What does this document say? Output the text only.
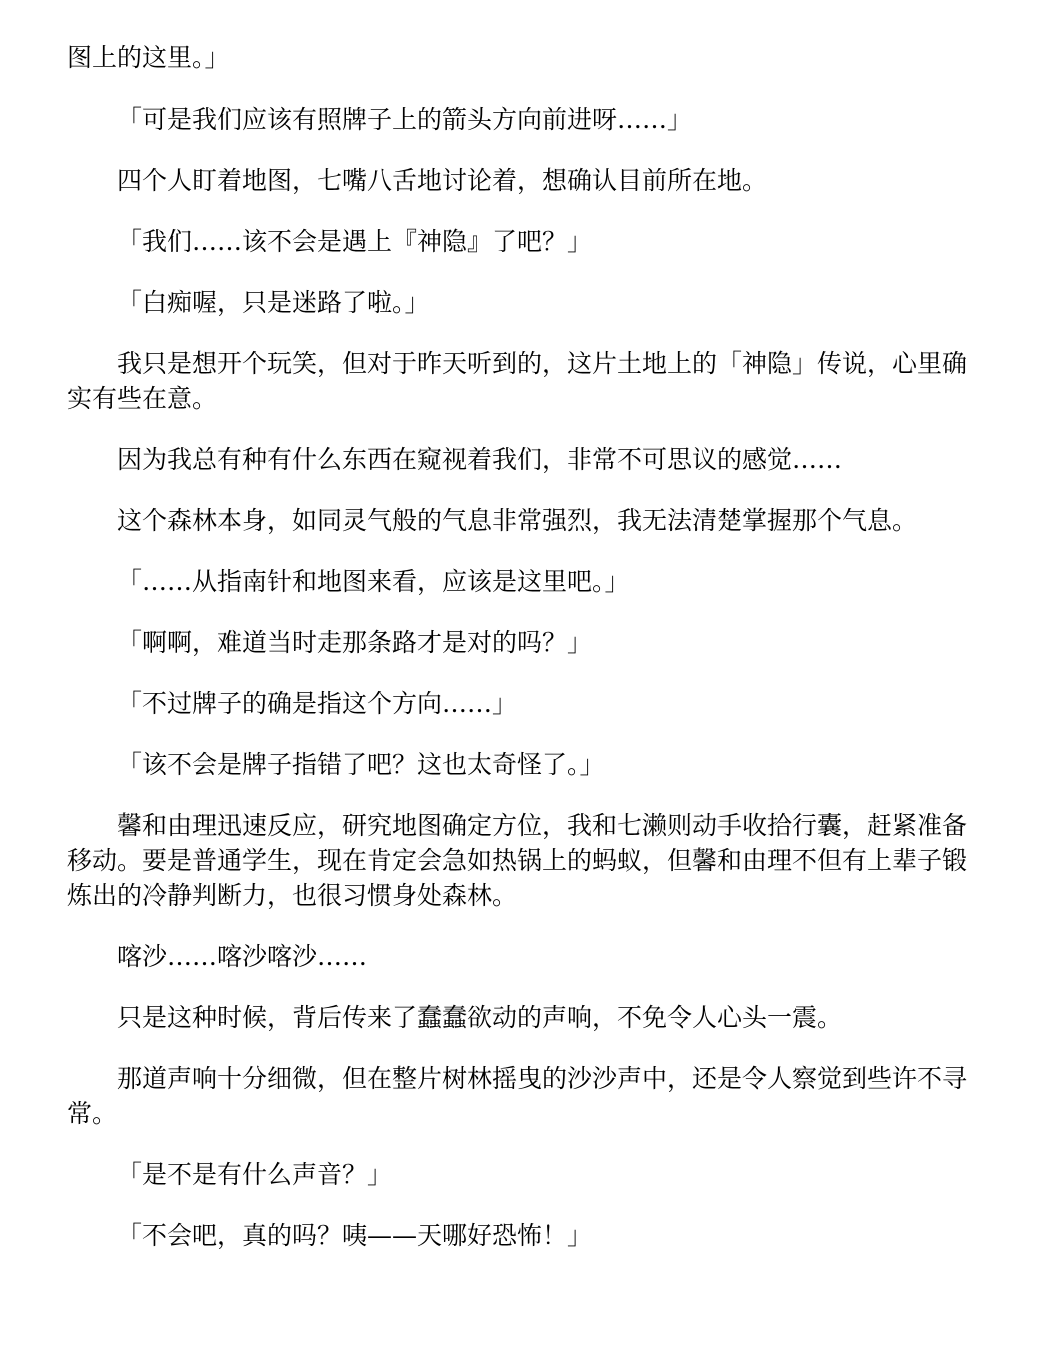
图上的这里。」

「可是我们应该有照牌子上的箭头方向前进呀……」

四个人盯着地图，七嘴八舌地讨论着，想确认目前所在地。

「我们……该不会是遇上『神隐』了吧？」

「白痴喔，只是迷路了啦。」

我只是想开个玩笑，但对于昨天听到的，这片土地上的「神隐」传说，心里确实有些在意。

因为我总有种有什么东西在窥视着我们，非常不可思议的感觉……

这个森林本身，如同灵气般的气息非常强烈，我无法清楚掌握那个气息。

「……从指南针和地图来看，应该是这里吧。」

「啊啊，难道当时走那条路才是对的吗？」

「不过牌子的确是指这个方向……」

「该不会是牌子指错了吧？这也太奇怪了。」

馨和由理迅速反应，研究地图确定方位，我和七濑则动手收拾行囊，赶紧准备移动。要是普通学生，现在肯定会急如热锅上的蚂蚁，但馨和由理不但有上辈子锻炼出的冷静判断力，也很习惯身处森林。

喀沙……喀沙喀沙……

只是这种时候，背后传来了蠢蠢欲动的声响，不免令人心头一震。

那道声响十分细微，但在整片树林摇曳的沙沙声中，还是令人察觉到些许不寻常。

「是不是有什么声音？」

「不会吧，真的吗？咦——天哪好恐怖！」
